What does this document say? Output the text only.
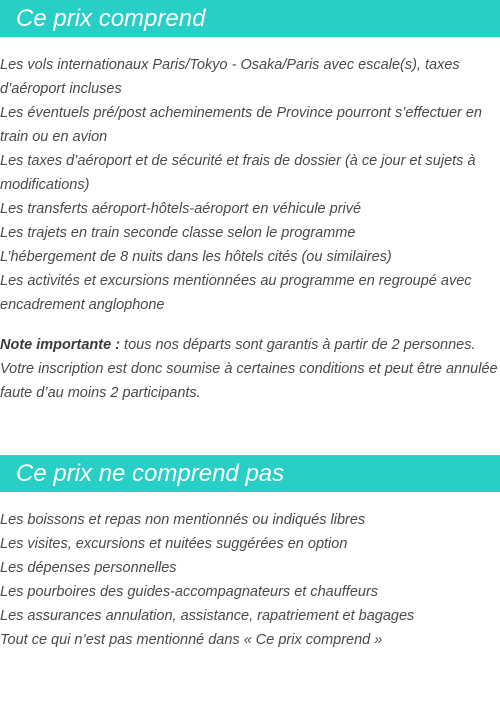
Ce prix comprend
Les vols internationaux Paris/Tokyo - Osaka/Paris avec escale(s), taxes d’aéroport incluses
Les éventuels pré/post acheminements de Province pourront s’effectuer en train ou en avion
Les taxes d’aéroport et de sécurité et frais de dossier (à ce jour et sujets à modifications)
Les transferts aéroport-hôtels-aéroport en véhicule privé
Les trajets en train seconde classe selon le programme
L’hébergement de 8 nuits dans les hôtels cités (ou similaires)
Les activités et excursions mentionnées au programme en regroupé avec encadrement anglophone

Note importante : tous nos départs sont garantis à partir de 2 personnes. Votre inscription est donc soumise à certaines conditions et peut être annulée faute d’au moins 2 participants.

Ce prix ne comprend pas
Les boissons et repas non mentionnés ou indiqués libres
Les visites, excursions et nuitées suggérées en option
Les dépenses personnelles
Les pourboires des guides-accompagnateurs et chauffeurs
Les assurances annulation, assistance, rapatriement et bagages
Tout ce qui n’est pas mentionné dans « Ce prix comprend »
